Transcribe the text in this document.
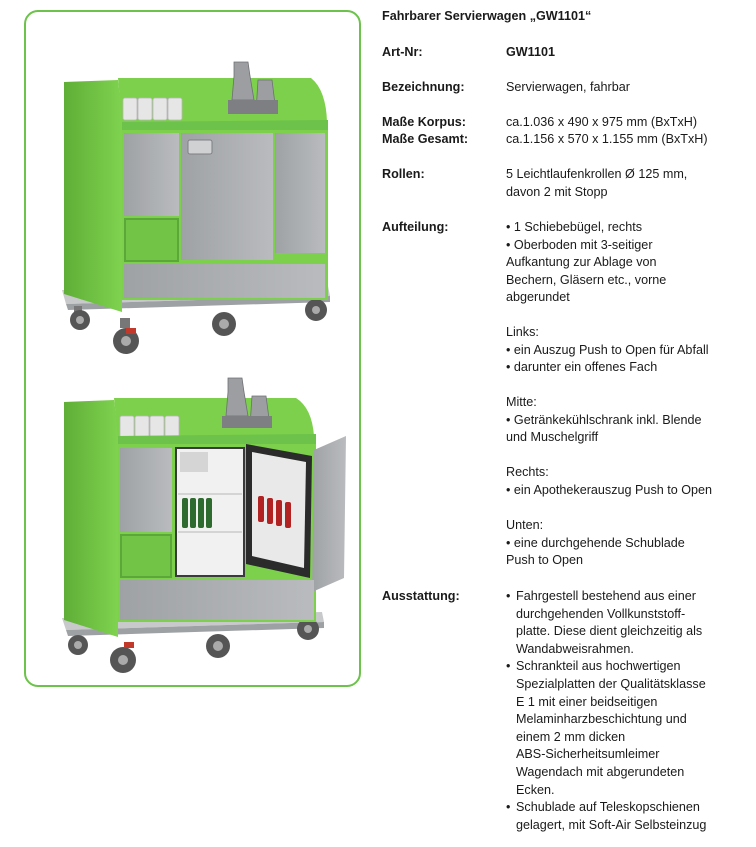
Fahrbarer Servierwagen „GW1101“
Art-Nr:	GW1101
Bezeichnung:	Servierwagen, fahrbar
Maße Korpus:	ca.1.036 x 490 x 975 mm (BxTxH)
Maße Gesamt:	ca.1.156 x 570 x 1.155 mm (BxTxH)
Rollen:	5 Leichtlaufenkrollen Ø 125 mm,
davon 2 mit Stopp
Aufteilung:	• 1 Schiebebügel, rechts
• Oberboden mit 3-seitiger
Aufkantung zur Ablage von
Bechern, Gläsern etc., vorne
abgerundet
Links:
• ein Auszug Push to Open für Abfall
• darunter ein offenes Fach
Mitte:
• Getränkekühlschrank inkl. Blende
und Muschelgriff
Rechts:
• ein Apothekerauszug Push to Open
Unten:
• eine durchgehende Schublade
Push to Open
Ausstattung:	• Fahrgestell bestehend aus einer
durchgehenden Vollkunststoff-
platte. Diese dient gleichzeitig als
Wandabweisrahmen.
• Schrankteil aus hochwertigen
Spezialplatten der Qualitätsklasse
E 1 mit einer beidseitigen
Melaminharzbeschichtung und
einem 2 mm dicken
ABS-Sicherheitsumleimer
Wagendach mit abgerundeten
Ecken.
• Schublade auf Teleskopschienen
gelagert, mit Soft-Air Selbsteinzug
